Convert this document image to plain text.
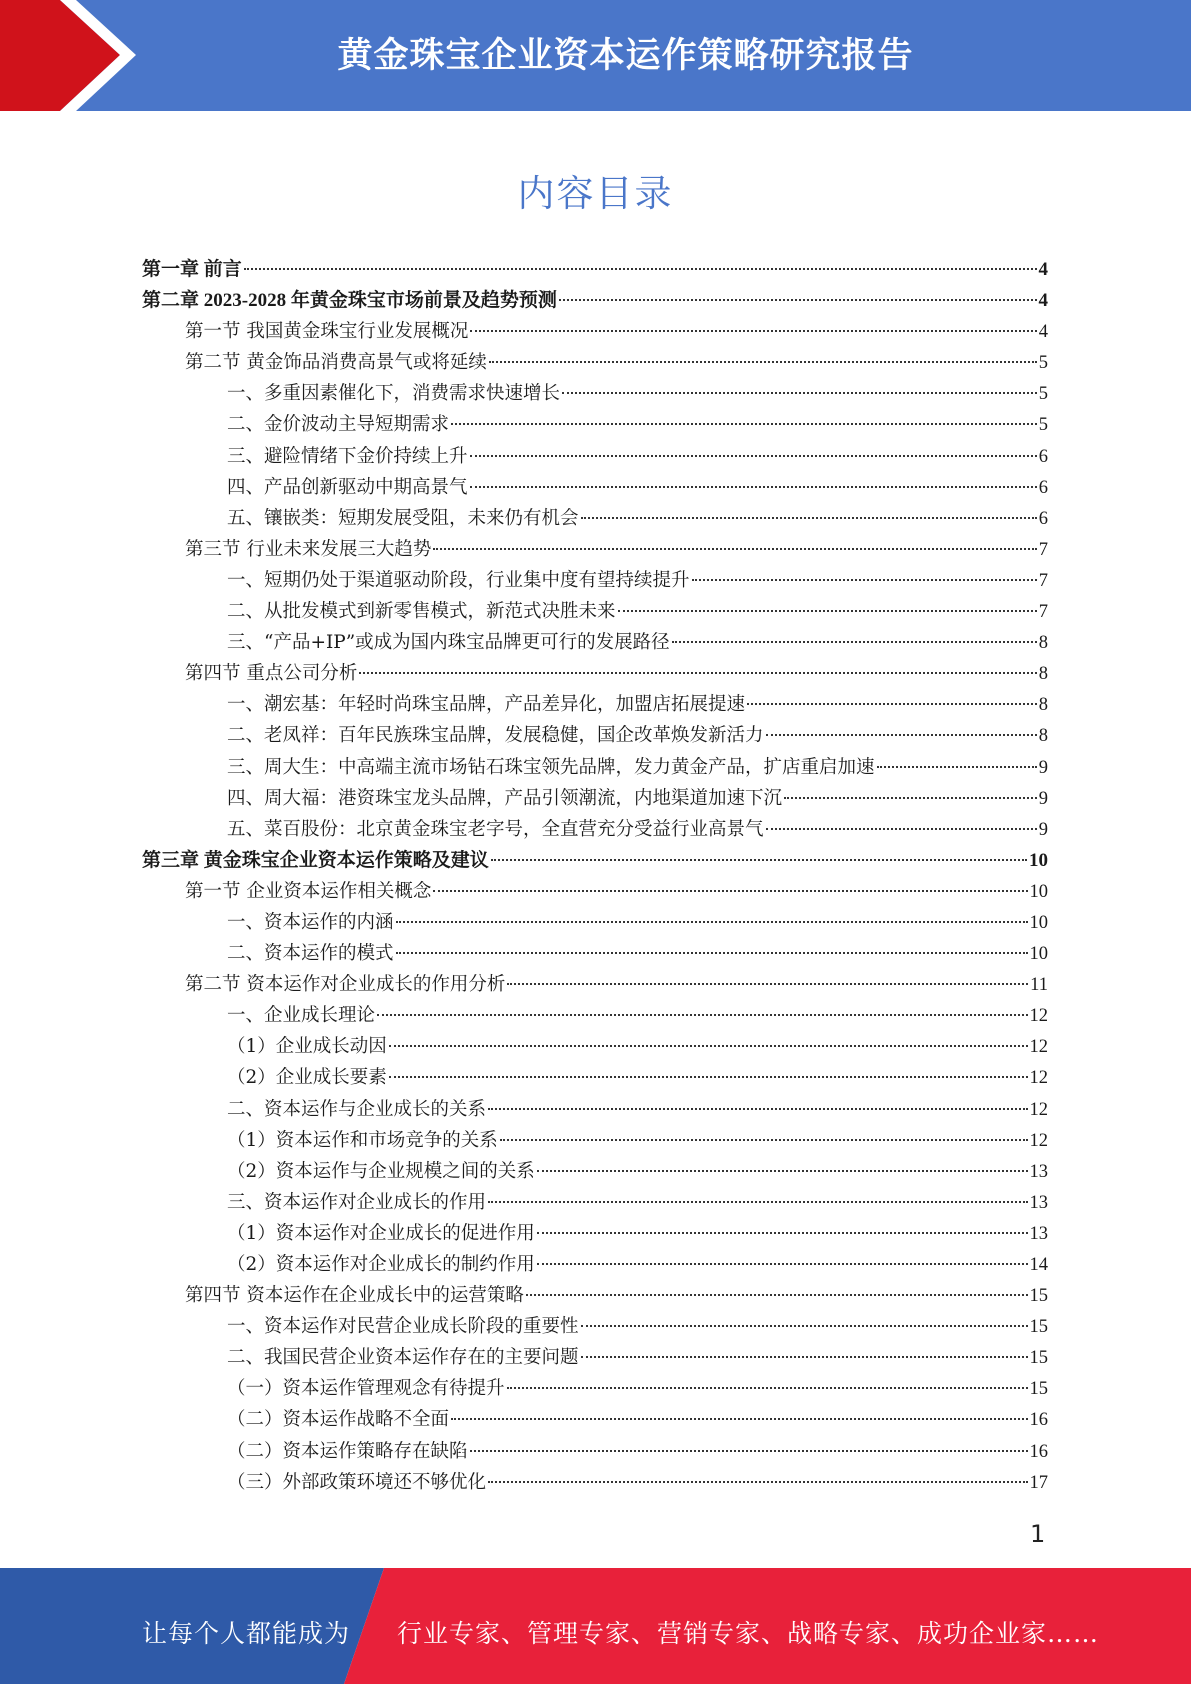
黄金珠宝企业资本运作策略研究报告
内容目录
第一章 前言	4
第二章 2023-2028 年黄金珠宝市场前景及趋势预测	4
第一节 我国黄金珠宝行业发展概况	4
第二节 黄金饰品消费高景气或将延续	5
一、多重因素催化下，消费需求快速增长	5
二、金价波动主导短期需求	5
三、避险情绪下金价持续上升	6
四、产品创新驱动中期高景气	6
五、镶嵌类：短期发展受阻，未来仍有机会	6
第三节 行业未来发展三大趋势	7
一、短期仍处于渠道驱动阶段，行业集中度有望持续提升	7
二、从批发模式到新零售模式，新范式决胜未来	7
三、“产品+IP”或成为国内珠宝品牌更可行的发展路径	8
第四节 重点公司分析	8
一、潮宏基：年轻时尚珠宝品牌，产品差异化，加盟店拓展提速	8
二、老凤祥：百年民族珠宝品牌，发展稳健，国企改革焕发新活力	8
三、周大生：中高端主流市场钻石珠宝领先品牌，发力黄金产品，扩店重启加速	9
四、周大福：港资珠宝龙头品牌，产品引领潮流，内地渠道加速下沉	9
五、菜百股份：北京黄金珠宝老字号，全直营充分受益行业高景气	9
第三章 黄金珠宝企业资本运作策略及建议	10
第一节 企业资本运作相关概念	10
一、资本运作的内涵	10
二、资本运作的模式	10
第二节 资本运作对企业成长的作用分析	11
一、企业成长理论	12
（1）企业成长动因	12
（2）企业成长要素	12
二、资本运作与企业成长的关系	12
（1）资本运作和市场竞争的关系	12
（2）资本运作与企业规模之间的关系	13
三、资本运作对企业成长的作用	13
（1）资本运作对企业成长的促进作用	13
（2）资本运作对企业成长的制约作用	14
第四节 资本运作在企业成长中的运营策略	15
一、资本运作对民营企业成长阶段的重要性	15
二、我国民营企业资本运作存在的主要问题	15
（一）资本运作管理观念有待提升	15
（二）资本运作战略不全面	16
（二）资本运作策略存在缺陷	16
（三）外部政策环境还不够优化	17
1
让每个人都能成为 行业专家、管理专家、营销专家、战略专家、成功企业家……
